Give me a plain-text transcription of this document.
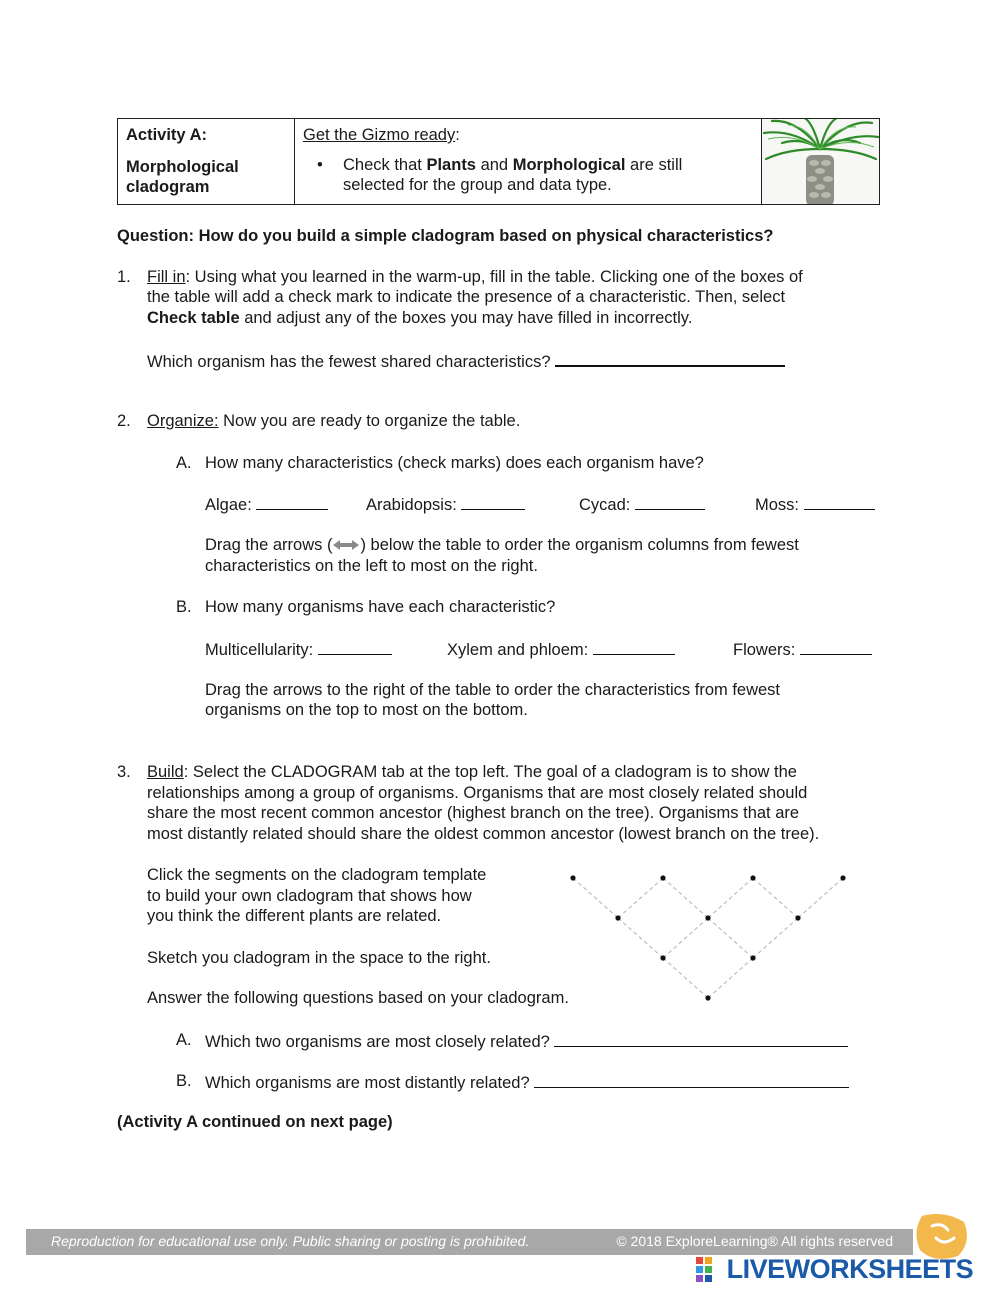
Activity A:
Morphological
cladogram
Get the Gizmo ready:
• Check that Plants and Morphological are still
selected for the group and data type.
Question: How do you build a simple cladogram based on physical characteristics?
1. Fill in: Using what you learned in the warm-up, fill in the table. Clicking one of the boxes of
the table will add a check mark to indicate the presence of a characteristic. Then, select
Check table and adjust any of the boxes you may have filled in incorrectly.
Which organism has the fewest shared characteristics?
2. Organize: Now you are ready to organize the table.
A. How many characteristics (check marks) does each organism have?
Algae:	Arabidopsis:	Cycad:	Moss:
Drag the arrows ( ) below the table to order the organism columns from fewest
characteristics on the left to most on the right.
B. How many organisms have each characteristic?
Multicellularity:	Xylem and phloem:	Flowers:
Drag the arrows to the right of the table to order the characteristics from fewest
organisms on the top to most on the bottom.
3. Build: Select the CLADOGRAM tab at the top left. The goal of a cladogram is to show the
relationships among a group of organisms. Organisms that are most closely related should
share the most recent common ancestor (highest branch on the tree). Organisms that are
most distantly related should share the oldest common ancestor (lowest branch on the tree).
Click the segments on the cladogram template
to build your own cladogram that shows how
you think the different plants are related.
Sketch you cladogram in the space to the right.
Answer the following questions based on your cladogram.
A. Which two organisms are most closely related?
B. Which organisms are most distantly related?
(Activity A continued on next page)
Reproduction for educational use only. Public sharing or posting is prohibited.	© 2018 ExploreLearning® All rights reserved
LIVEWORKSHEETS
